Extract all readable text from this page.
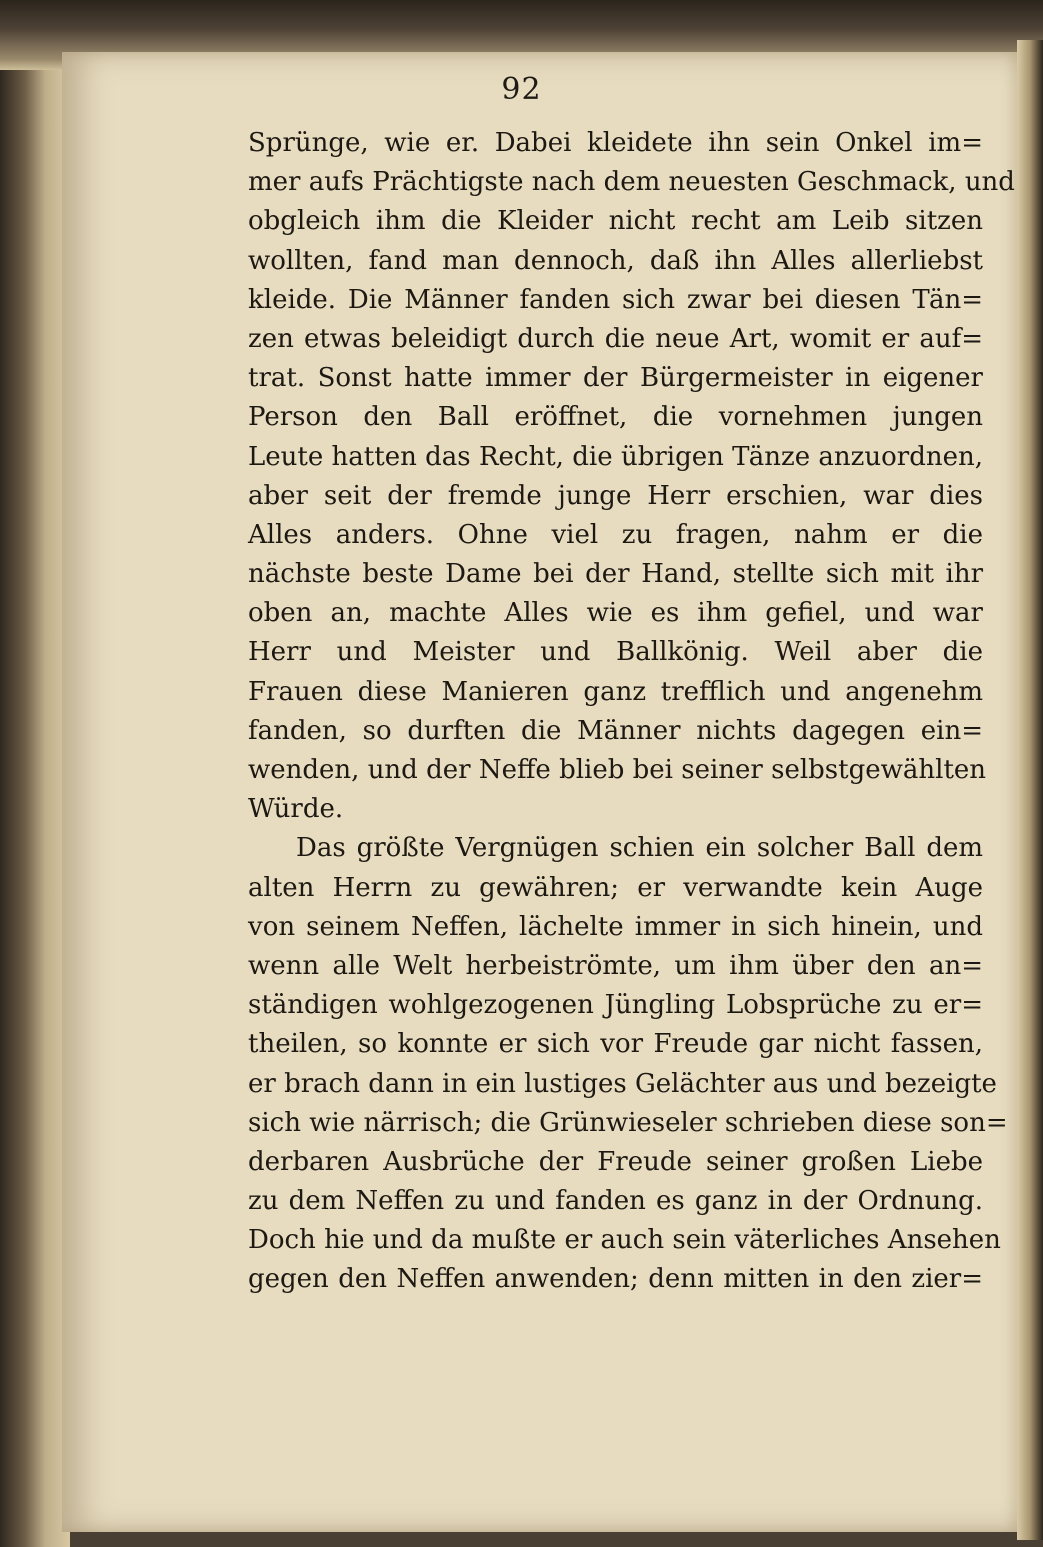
92
Sprünge, wie er. Dabei kleidete ihn sein Onkel im=
mer aufs Prächtigste nach dem neuesten Geschmack, und
obgleich ihm die Kleider nicht recht am Leib sitzen
wollten, fand man dennoch, daß ihn Alles allerliebst
kleide. Die Männer fanden sich zwar bei diesen Tän=
zen etwas beleidigt durch die neue Art, womit er auf=
trat. Sonst hatte immer der Bürgermeister in eigener
Person den Ball eröffnet, die vornehmen jungen
Leute hatten das Recht, die übrigen Tänze anzuordnen,
aber seit der fremde junge Herr erschien, war dies
Alles anders. Ohne viel zu fragen, nahm er die
nächste beste Dame bei der Hand, stellte sich mit ihr
oben an, machte Alles wie es ihm gefiel, und war
Herr und Meister und Ballkönig. Weil aber die
Frauen diese Manieren ganz trefflich und angenehm
fanden, so durften die Männer nichts dagegen ein=
wenden, und der Neffe blieb bei seiner selbstgewählten
Würde.
Das größte Vergnügen schien ein solcher Ball dem
alten Herrn zu gewähren; er verwandte kein Auge
von seinem Neffen, lächelte immer in sich hinein, und
wenn alle Welt herbeiströmte, um ihm über den an=
ständigen wohlgezogenen Jüngling Lobsprüche zu er=
theilen, so konnte er sich vor Freude gar nicht fassen,
er brach dann in ein lustiges Gelächter aus und bezeigte
sich wie närrisch; die Grünwieseler schrieben diese son=
derbaren Ausbrüche der Freude seiner großen Liebe
zu dem Neffen zu und fanden es ganz in der Ordnung.
Doch hie und da mußte er auch sein väterliches Ansehen
gegen den Neffen anwenden; denn mitten in den zier=
